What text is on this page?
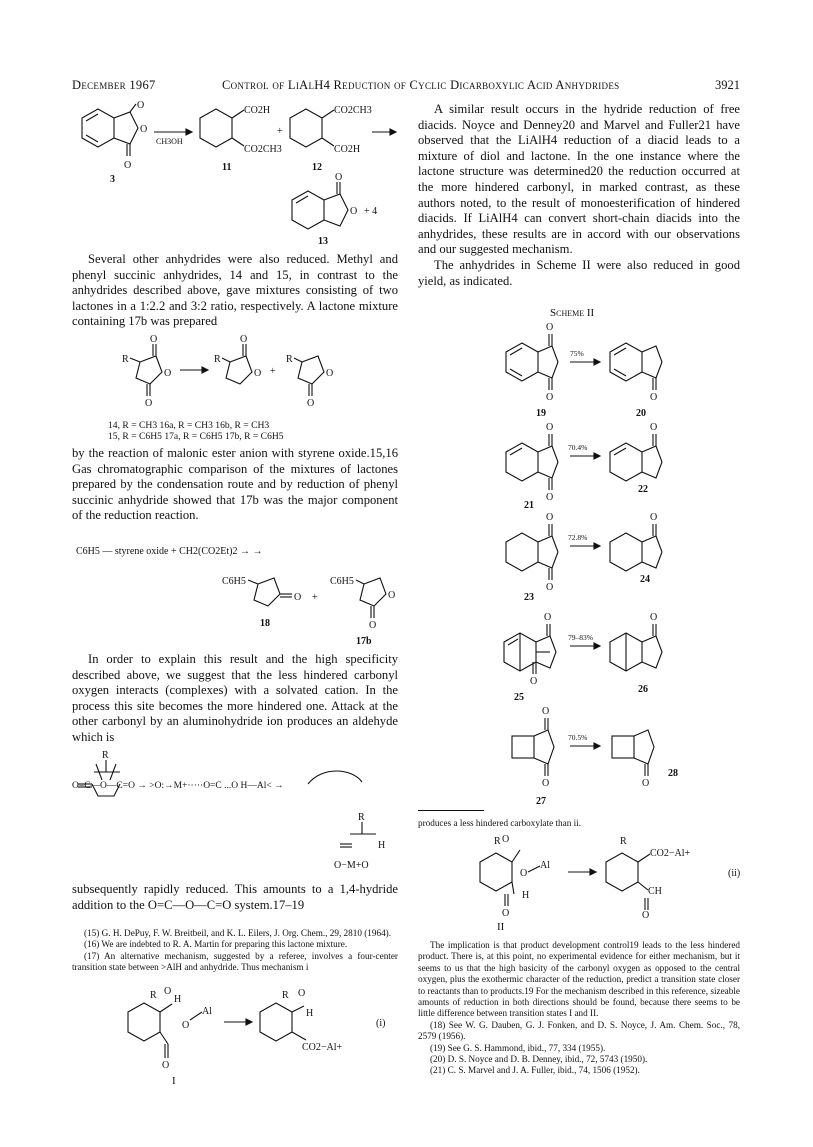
December 1967	Control of LiAlH4 Reduction of Cyclic Dicarboxylic Acid Anhydrides	3921
O
O
O
3
CH3OH
CO2H
CO2CH3
11
+
CO2CH3
CO2H
12
O
O + 4
13

Several other anhydrides were also reduced. Methyl and phenyl succinic anhydrides, 14 and 15, in contrast to the anhydrides described above, gave mixtures consisting of two lactones in a 1:2.2 and 3:2 ratio, respectively. A lactone mixture containing 17b was prepared

R
O
O
O
R
O
O +
R
O
O
14, R = CH3 16a, R = CH3 16b, R = CH3
15, R = C6H5 17a, R = C6H5 17b, R = C6H5

by the reaction of malonic ester anion with styrene oxide.15,16 Gas chromatographic comparison of the mixtures of lactones prepared by the condensation route and by reduction of phenyl succinic anhydride showed that 17b was the major component of the reduction reaction.

C6H5 — styrene oxide + CH2(CO2Et)2 → →
C6H5
O +
C6H5
O
O
18
17b

In order to explain this result and the high specificity described above, we suggest that the less hindered carbonyl oxygen interacts (complexes) with a solvated cation. In the process this site becomes the more hindered one. Attack at the other carbonyl by an aluminohydride ion produces an aldehyde which is

R
O=C—O—C=O → >O:→M+·····O=C ...O H—Al< →
R
O−M+O
H

subsequently rapidly reduced. This amounts to a 1,4-hydride addition to the O=C—O—C=O system.17–19

(15) G. H. DePuy, F. W. Breitbeil, and K. L. Eilers, J. Org. Chem., 29, 2810 (1964).

(16) We are indebted to R. A. Martin for preparing this lactone mixture.

(17) An alternative mechanism, suggested by a referee, involves a four-center transition state between >AlH and anhydride. Thus mechanism i

R H
O
O
O
Al
R O
H
CO2−Al+
(i)
I

A similar result occurs in the hydride reduction of free diacids. Noyce and Denney20 and Marvel and Fuller21 have observed that the LiAlH4 reduction of a diacid leads to a mixture of diol and lactone. In the one instance where the lactone structure was determined20 the reduction occurred at the more hindered carbonyl, in marked contrast, as these authors noted, to the result of monoesterification of hindered diacids. If LiAlH4 can convert short-chain diacids into the anhydrides, these results are in accord with our observations and our suggested mechanism.

The anhydrides in Scheme II were also reduced in good yield, as indicated.

Scheme II
O
O
75%
O
19	20
O
O
70.4%
O
21
22
O
O
72.8%
O
23
24
O
O
79–83%
O
25
26
O
O
70.5%
O
27
28
produces a less hindered carboxylate than ii.
R O
O
Al
H
O
R
CO2−Al+
CH
O
(ii)
II

The implication is that product development control19 leads to the less hindered product. There is, at this point, no experimental evidence for either mechanism, but it seems to us that the high basicity of the carbonyl oxygen as opposed to the central oxygen, plus the exothermic character of the reduction, predict a transition state closer to reactants than to products.19 For the mechanism described in this reference, sizeable amounts of reduction in both directions should be found, because there seems to be little difference between transition states I and II.

(18) See W. G. Dauben, G. J. Fonken, and D. S. Noyce, J. Am. Chem. Soc., 78, 2579 (1956).

(19) See G. S. Hammond, ibid., 77, 334 (1955).

(20) D. S. Noyce and D. B. Denney, ibid., 72, 5743 (1950).

(21) C. S. Marvel and J. A. Fuller, ibid., 74, 1506 (1952).
